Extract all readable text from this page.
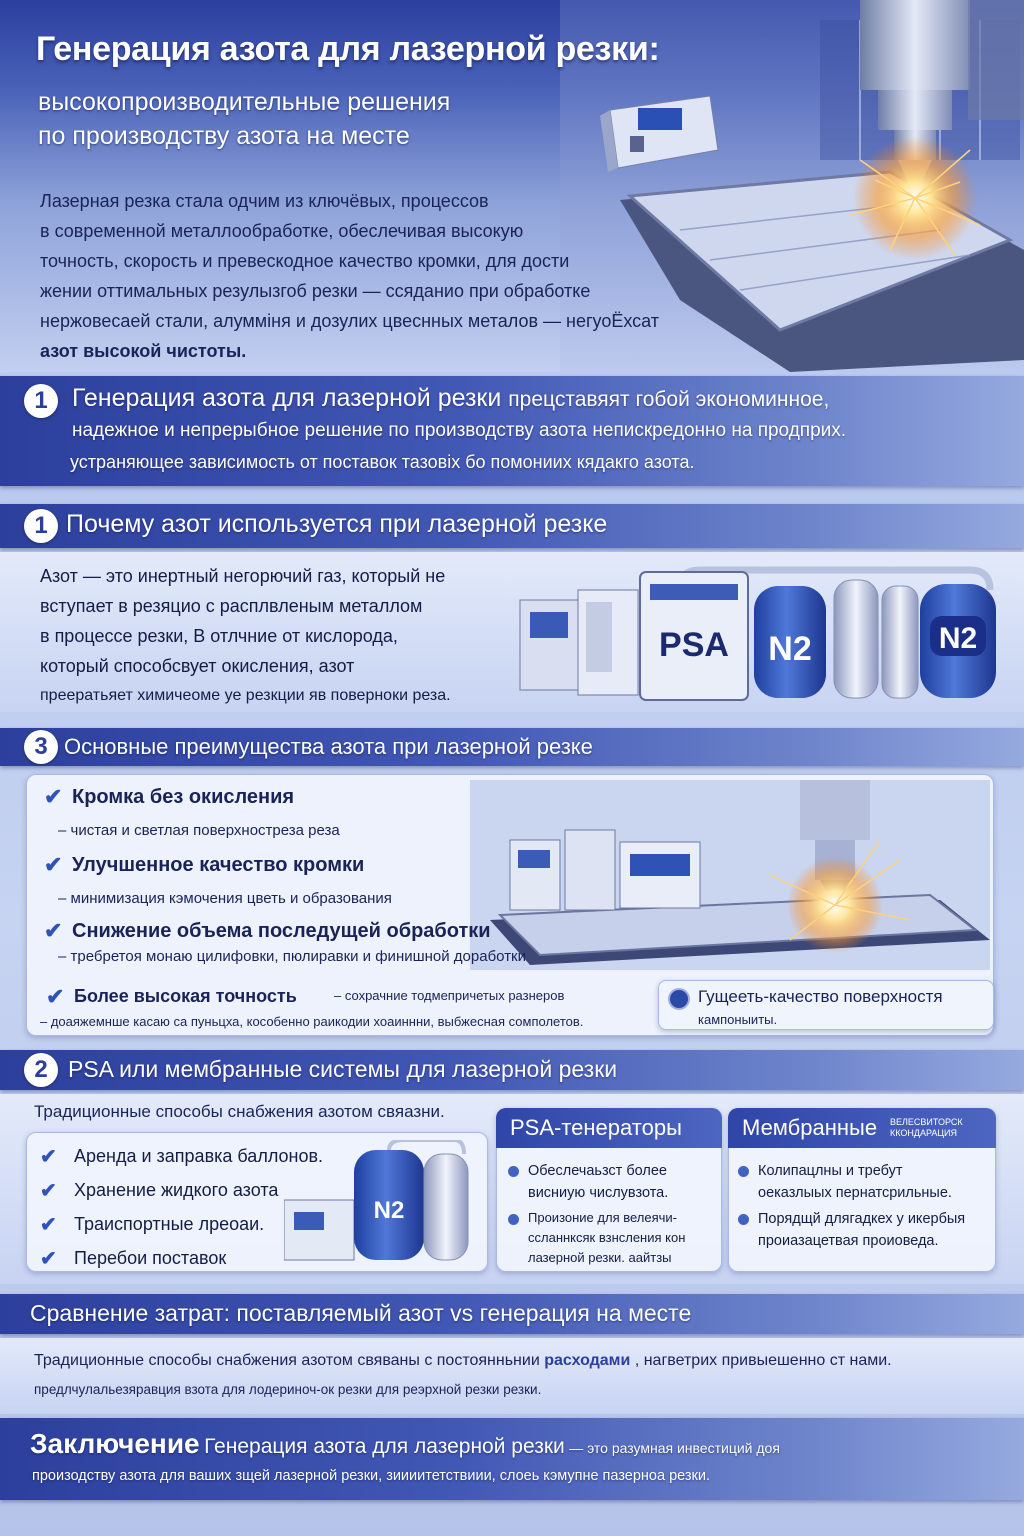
Генерация азота для лазерной резки:
высокопроизводительные решения
по производству азота на месте

Лазерная резка стала одчим из ключёвых, процессов

в современной металлообработке, обеслечивая высокую

точность, скорость и превескодное качество кромки, для дости

жении оттимальных резулызгоб резки — ссяданио при обработке

нержовесаей стали, алумміня и дозулих цвеснных металов — негуоЁхсат

азот высокой чистоты.

1 Генерация азота для лазерной резки прецставяят гобой экономинное,
надежное и непрерыбное решение по производству азота непискредонно на продприх.
устраняющее зависимость от поставок тазовіх бо помониих кядакго азота.
1 Почему азот используется при лазерной резке

Азот — это инертный негорючий газ, который не

вступает в резяцио с расплвленым металлом

в процессе резки, В отлчние от кислорода,

который способсвует окисления, азот

преератьяет химичеоме уе резкции яв поверноки реза.

PSA N2	N2
3 Основные преимущества азота при лазерной резке
✔ Кромка без окисления
– чистая и светлая поверхностреза реза
✔ Улучшенное качество кромки
– минимизация кэмочения цветь и образования
✔ Снижение объема последущей обработки
– требретоя монаю цилифовки, пюлиравки и финишной доработки
✔ Более высокая точность	– сохрачние тодмепричетых разнеров
– доаяжемнше касаю са пуньцха, кособенно раикодии хоаиннни, выбжесная сомполетов.
Гущееть-качество поверхностя
кампоныиты.
2 PSA или мембранные системы для лазерной резки
Традиционные способы снабжения азотом свяазни.
✔ Аренда и заправка баллонов.
✔ Хранение жидкого азота
✔ Траиспортные лреоаи.
✔ Перебои поставок
N2
PSA-тенераторы

Обеслечаьзст более

висниую числувзота.

Произоние для велеячи-

ссланнксяк взнсления кон

лазерной резки. аайтзы

Мембранные ВЕЛЕСВИТОРСК
ККОНДАРАЦИЯ

Колипацлны и требут

оеказлыых пернатсрильные.

Порядщй длягадкех у икербыя

проиазацетвая проиоведа.

Сравнение затрат: поставляемый азот vs генерация на месте
Традиционные способы снабжения азотом свяваны с постоянньнии расходами , нагветрих привыешенно ст нами.
предлчулальезяравция взота для лодериноч-ок резки для реэрхной резки резки.
Заключение Генерация азота для лазерной резки — это разумная инвестиций доя
произодству азота для ваших зщей лазерной резки, зиииитетствиии, слоеь кэмупне пазерноа резки.
